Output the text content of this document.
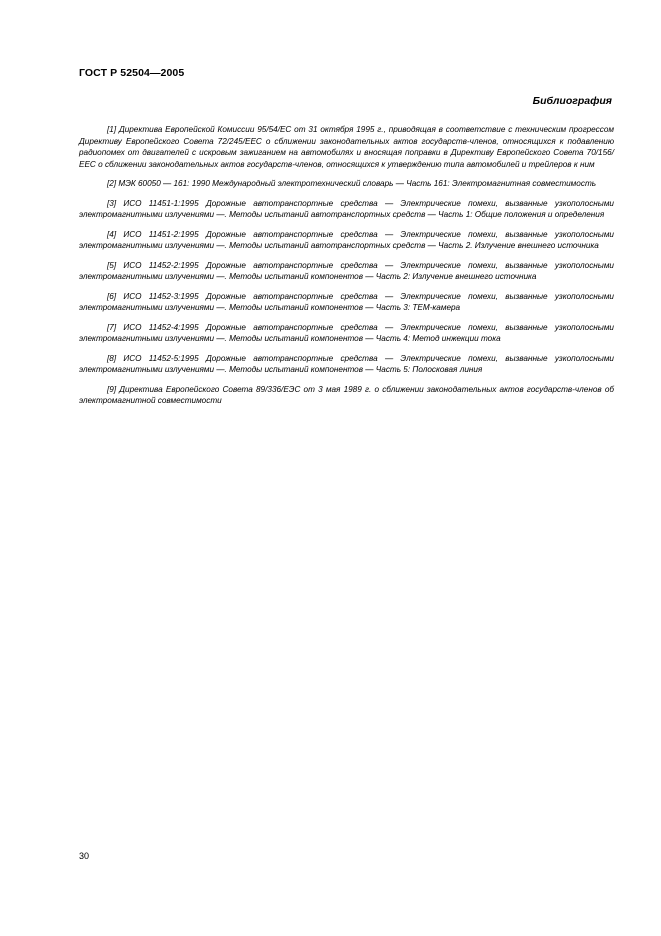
ГОСТ Р 52504—2005
Библиография

[1] Директива Европейской Комиссии 95/54/ЕС от 31 октября 1995 г., приводящая в соответствие с техническим прогрессом Директиву Европейского Совета 72/245/ЕЕС о сближении законодательных актов государств-членов, относящихся к подавлению радиопомех от двигателей с искровым зажиганием на автомобилях и вносящая поправки в Директиву Европейского Совета 70/156/ЕЕС о сближении законодательных актов государств-членов, относящихся к утверждению типа автомобилей и трейлеров к ним

[2] МЭК 60050 — 161: 1990 Международный электротехнический словарь — Часть 161: Электромагнитная совместимость

[3] ИСО 11451-1:1995 Дорожные автотранспортные средства — Электрические помехи, вызванные узкополосными электромагнитными излучениями —. Методы испытаний автотранспортных средств — Часть 1: Общие положения и определения

[4] ИСО 11451-2:1995 Дорожные автотранспортные средства — Электрические помехи, вызванные узкополосными электромагнитными излучениями —. Методы испытаний автотранспортных средств — Часть 2. Излучение внешнего источника

[5] ИСО 11452-2:1995 Дорожные автотранспортные средства — Электрические помехи, вызванные узкополосными электромагнитными излучениями —. Методы испытаний компонентов — Часть 2: Излучение внешнего источника

[6] ИСО 11452-3:1995 Дорожные автотранспортные средства — Электрические помехи, вызванные узкополосными электромагнитными излучениями —. Методы испытаний компонентов — Часть 3: ТЕМ-камера

[7] ИСО 11452-4:1995 Дорожные автотранспортные средства — Электрические помехи, вызванные узкополосными электромагнитными излучениями —. Методы испытаний компонентов — Часть 4: Метод инжекции тока

[8] ИСО 11452-5:1995 Дорожные автотранспортные средства — Электрические помехи, вызванные узкополосными электромагнитными излучениями —. Методы испытаний компонентов — Часть 5: Полосковая линия

[9] Директива Европейского Совета 89/336/ЕЭС от 3 мая 1989 г. о сближении законодательных актов государств-членов об электромагнитной совместимости

30
